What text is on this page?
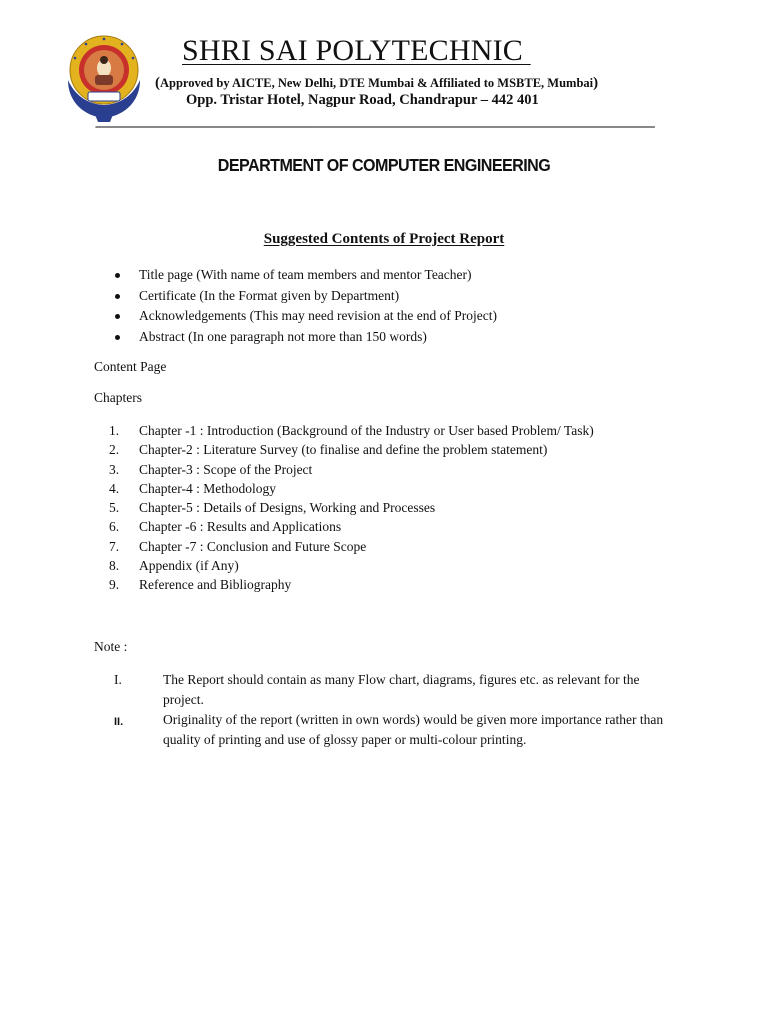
SHRI SAI POLYTECHNIC
(Approved by AICTE, New Delhi, DTE Mumbai & Affiliated to MSBTE, Mumbai)
Opp. Tristar Hotel, Nagpur Road, Chandrapur – 442 401
--------------------------------------------------------------------------------------------------------------------------------------------------------------------------------------------------------
DEPARTMENT OF COMPUTER ENGINEERING
Suggested Contents of Project Report
Title page (With name of team members and mentor Teacher)
Certificate (In the Format given by Department)
Acknowledgements (This may need revision at the end of Project)
Abstract (In one paragraph not more than 150 words)
Content Page
Chapters
1. Chapter -1 : Introduction (Background of the Industry or User based Problem/ Task)
2. Chapter-2 : Literature Survey (to finalise and define the problem statement)
3. Chapter-3 : Scope of the Project
4. Chapter-4 : Methodology
5. Chapter-5 : Details of Designs, Working and Processes
6. Chapter -6 : Results and Applications
7. Chapter -7 : Conclusion and Future Scope
8. Appendix (if Any)
9. Reference and Bibliography
Note :
I.	The Report should contain as many Flow chart, diagrams, figures etc. as relevant for the project.
II.	Originality of the report (written in own words) would be given more importance rather than quality of printing and use of glossy paper or multi-colour printing.
